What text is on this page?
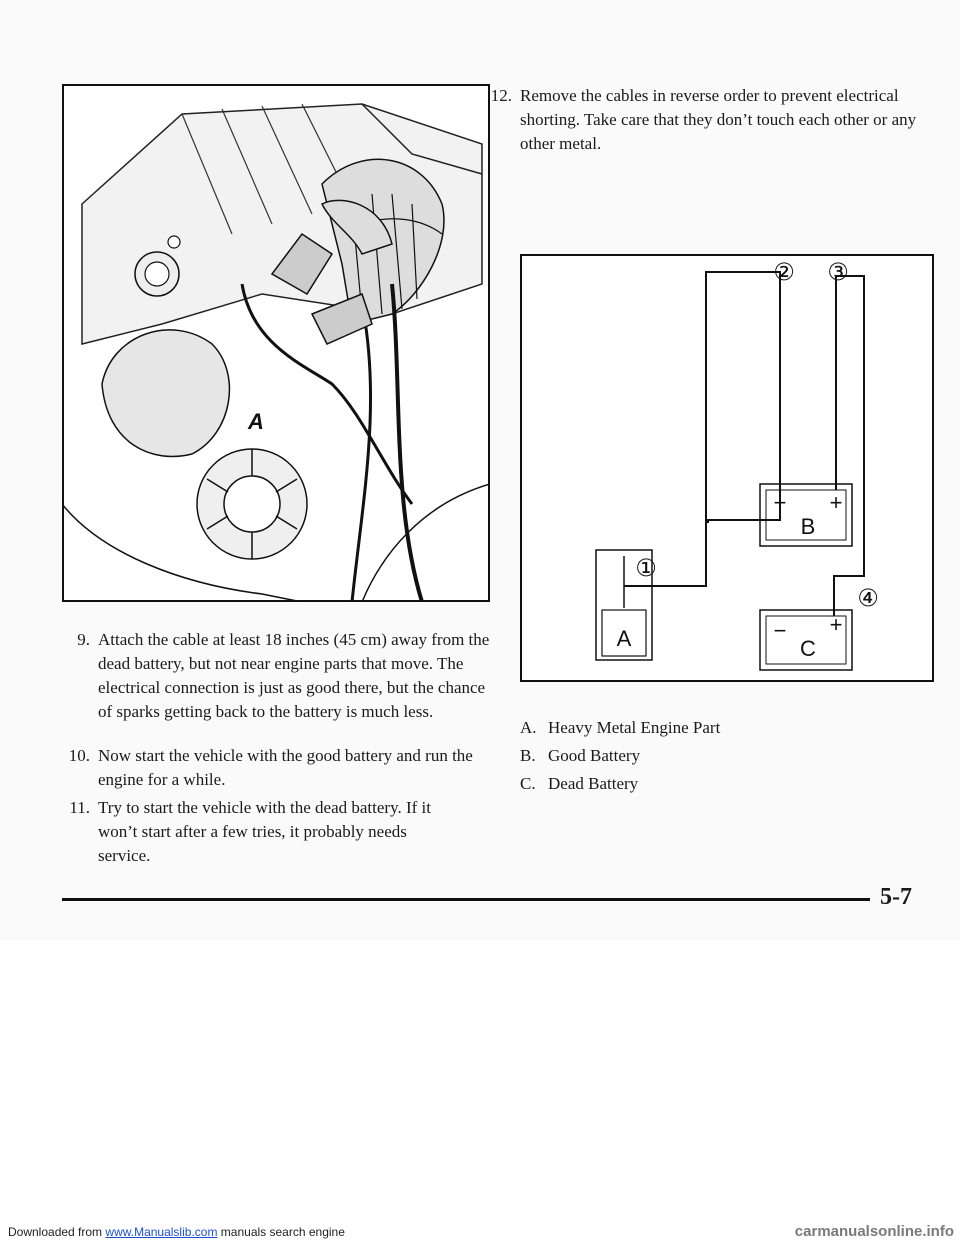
A
9. Attach the cable at least 18 inches (45 cm) away from the dead battery, but not near engine parts that move. The electrical connection is just as good there, but the chance of sparks getting back to the battery is much less.
10. Now start the vehicle with the good battery and run the engine for a while.
11. Try to start the vehicle with the dead battery. If it won’t start after a few tries, it probably needs service.
12. Remove the cables in reverse order to prevent electrical shorting. Take care that they don’t touch each other or any other metal.
A
− +
B
− +
C
①
② ③
④
A. Heavy Metal Engine Part
B. Good Battery
C. Dead Battery
5-7
Downloaded from www.Manualslib.com manuals search engine	carmanualsonline.info
